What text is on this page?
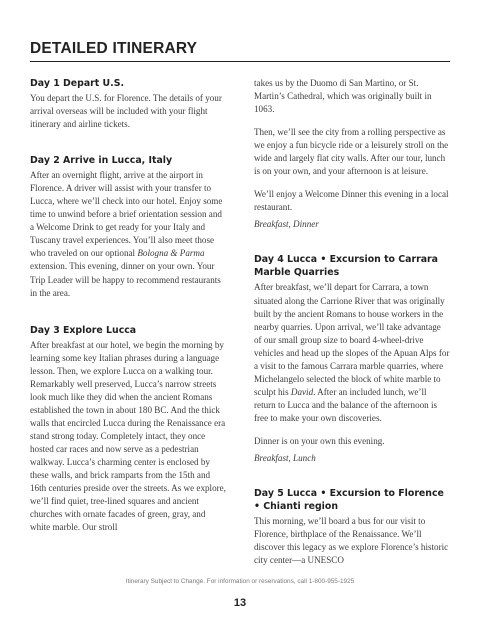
DETAILED ITINERARY
Day 1 Depart U.S.

You depart the U.S. for Florence. The details of your arrival overseas will be included with your flight itinerary and airline tickets.

Day 2 Arrive in Lucca, Italy

After an overnight flight, arrive at the airport in Florence. A driver will assist with your transfer to Lucca, where we’ll check into our hotel. Enjoy some time to unwind before a brief orientation session and a Welcome Drink to get ready for your Italy and Tuscany travel experiences. You’ll also meet those who traveled on our optional Bologna & Parma extension. This evening, dinner on your own. Your Trip Leader will be happy to recommend restaurants in the area.

Day 3 Explore Lucca

After breakfast at our hotel, we begin the morning by learning some key Italian phrases during a language lesson. Then, we explore Lucca on a walking tour. Remarkably well preserved, Lucca’s narrow streets look much like they did when the ancient Romans established the town in about 180 BC. And the thick walls that encircled Lucca during the Renaissance era stand strong today. Completely intact, they once hosted car races and now serve as a pedestrian walkway. Lucca’s charming center is enclosed by these walls, and brick ramparts from the 15th and 16th centuries preside over the streets. As we explore, we’ll find quiet, tree-lined squares and ancient churches with ornate facades of green, gray, and white marble. Our stroll

takes us by the Duomo di San Martino, or St. Martin’s Cathedral, which was originally built in 1063.

Then, we’ll see the city from a rolling perspective as we enjoy a fun bicycle ride or a leisurely stroll on the wide and largely flat city walls. After our tour, lunch is on your own, and your afternoon is at leisure.

We’ll enjoy a Welcome Dinner this evening in a local restaurant.

Breakfast, Dinner

Day 4 Lucca • Excursion to Carrara Marble Quarries

After breakfast, we’ll depart for Carrara, a town situated along the Carrione River that was originally built by the ancient Romans to house workers in the nearby quarries. Upon arrival, we’ll take advantage of our small group size to board 4-wheel-drive vehicles and head up the slopes of the Apuan Alps for a visit to the famous Carrara marble quarries, where Michelangelo selected the block of white marble to sculpt his David. After an included lunch, we’ll return to Lucca and the balance of the afternoon is free to make your own discoveries.

Dinner is on your own this evening.

Breakfast, Lunch

Day 5 Lucca • Excursion to Florence • Chianti region

This morning, we’ll board a bus for our visit to Florence, birthplace of the Renaissance. We’ll discover this legacy as we explore Florence’s historic city center—a UNESCO

Itinerary Subject to Change. For information or reservations, call 1-800-955-1925
13
